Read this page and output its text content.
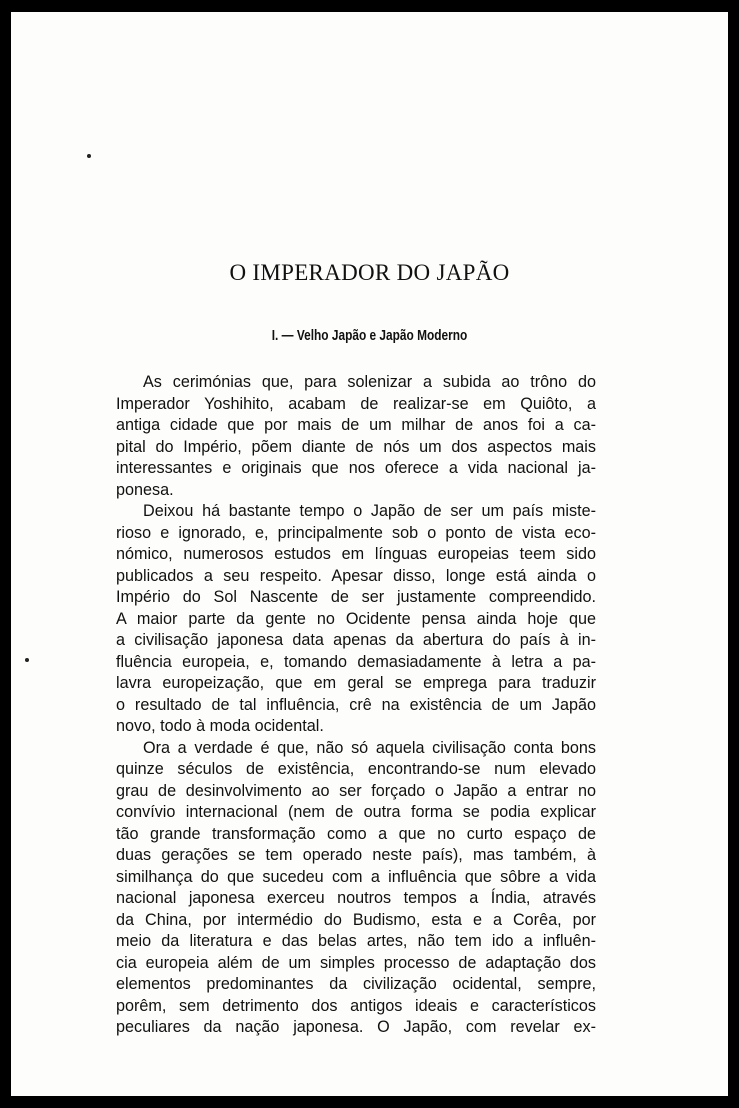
O IMPERADOR DO JAPÃO
I. — Velho Japão e Japão Moderno
As cerimónias que, para solenizar a subida ao trôno do
Imperador Yoshihito, acabam de realizar-se em Quiôto, a
antiga cidade que por mais de um milhar de anos foi a ca-
pital do Império, põem diante de nós um dos aspectos mais
interessantes e originais que nos oferece a vida nacional ja-
ponesa.
Deixou há bastante tempo o Japão de ser um país miste-
rioso e ignorado, e, principalmente sob o ponto de vista eco-
nómico, numerosos estudos em línguas europeias teem sido
publicados a seu respeito. Apesar disso, longe está ainda o
Império do Sol Nascente de ser justamente compreendido.
A maior parte da gente no Ocidente pensa ainda hoje que
a civilisação japonesa data apenas da abertura do país à in-
fluência europeia, e, tomando demasiadamente à letra a pa-
lavra europeização, que em geral se emprega para traduzir
o resultado de tal influência, crê na existência de um Japão
novo, todo à moda ocidental.
Ora a verdade é que, não só aquela civilisação conta bons
quinze séculos de existência, encontrando-se num elevado
grau de desinvolvimento ao ser forçado o Japão a entrar no
convívio internacional (nem de outra forma se podia explicar
tão grande transformação como a que no curto espaço de
duas gerações se tem operado neste país), mas também, à
similhança do que sucedeu com a influência que sôbre a vida
nacional japonesa exerceu noutros tempos a Índia, através
da China, por intermédio do Budismo, esta e a Corêa, por
meio da literatura e das belas artes, não tem ido a influên-
cia europeia além de um simples processo de adaptação dos
elementos predominantes da civilização ocidental, sempre,
porêm, sem detrimento dos antigos ideais e característicos
peculiares da nação japonesa. O Japão, com revelar ex-
